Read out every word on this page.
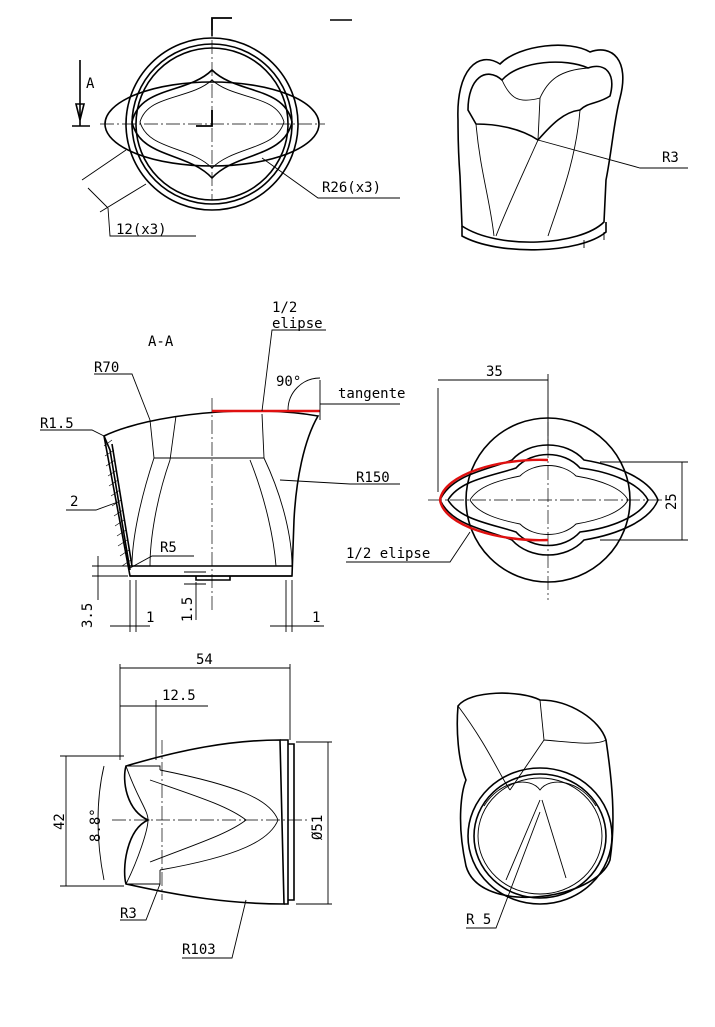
A
R26(x3)
12(x3)
R3
A-A
1/2
elipse
90°
tangente
R70
R1.5
R150
2
R5
3.5	1 1.5	1
35
25
1/2 elipse
54
12.5
42 8.8°	Ø51
R3
R103
R 5
